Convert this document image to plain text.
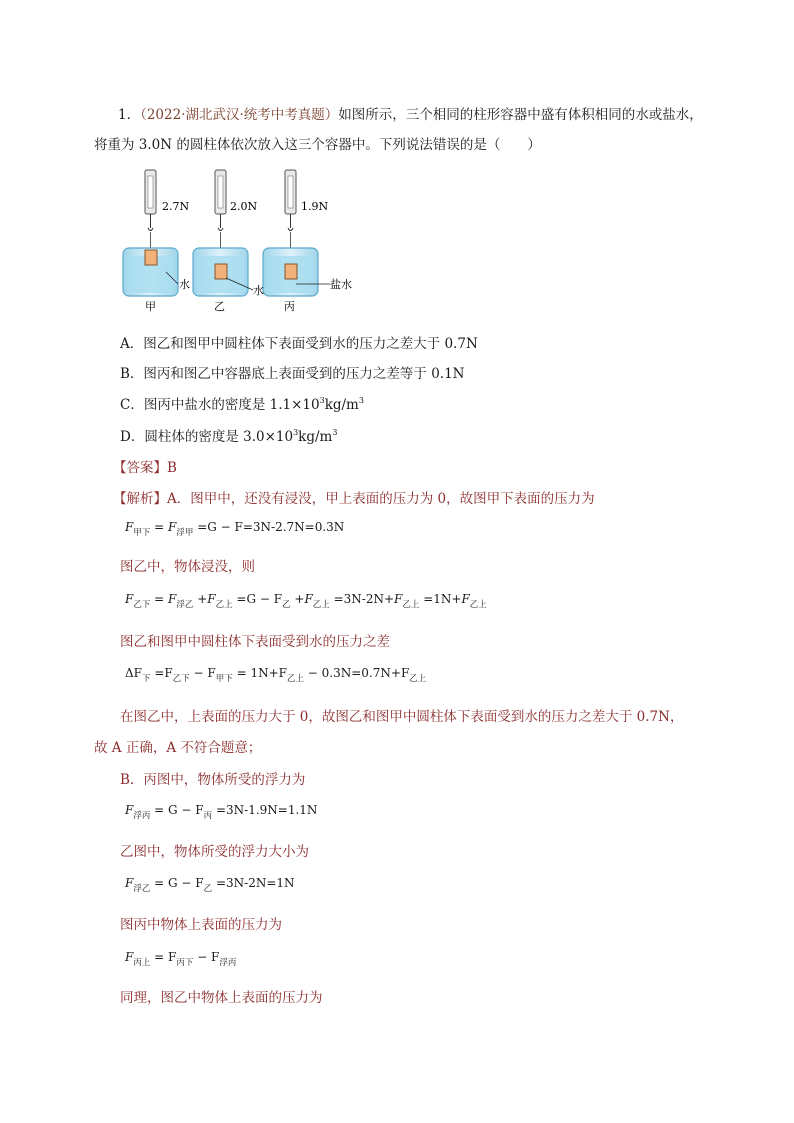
1．（2022·湖北武汉·统考中考真题）如图所示，三个相同的柱形容器中盛有体积相同的水或盐水，
将重为 3.0N 的圆柱体依次放入这三个容器中。下列说法错误的是（　　）
2.7N	2.0N	1.9N
水	水	盐水
甲	乙	丙
A．图乙和图甲中圆柱体下表面受到水的压力之差大于 0.7N
B．图丙和图乙中容器底上表面受到的压力之差等于 0.1N
C．图丙中盐水的密度是 $1.1\times 10^3kg/m^3$
D．圆柱体的密度是 $3.0\times 10^3kg/m^3$
【答案】B
【解析】A．图甲中，还没有浸没，甲上表面的压力为 0，故图甲下表面的压力为
$F_{甲下} = F_{浮甲} =G - F=3N-2.7N=0.3N$
图乙中，物体浸没，则
$F_{乙下} = F_{浮乙} +F_{乙上} =G - F_乙 +F_{乙上} =3N-2N+F_{乙上} =1N+F_{乙上}$
图乙和图甲中圆柱体下表面受到水的压力之差
$\Delta F_下 =F_{乙下} - F_{甲下} = 1N+F_{乙上} - 0.3N=0.7N+F_{乙上}$
在图乙中，上表面的压力大于 0，故图乙和图甲中圆柱体下表面受到水的压力之差大于 0.7N，
故 A 正确，A 不符合题意；
B．丙图中，物体所受的浮力为
$F_{浮丙} = G - F_丙 =3N-1.9N=1.1N$
乙图中，物体所受的浮力大小为
$F_{浮乙} = G - F_乙 =3N-2N=1N$
图丙中物体上表面的压力为
$F_{丙上} = F_{丙下} - F_{浮丙}$
同理，图乙中物体上表面的压力为
